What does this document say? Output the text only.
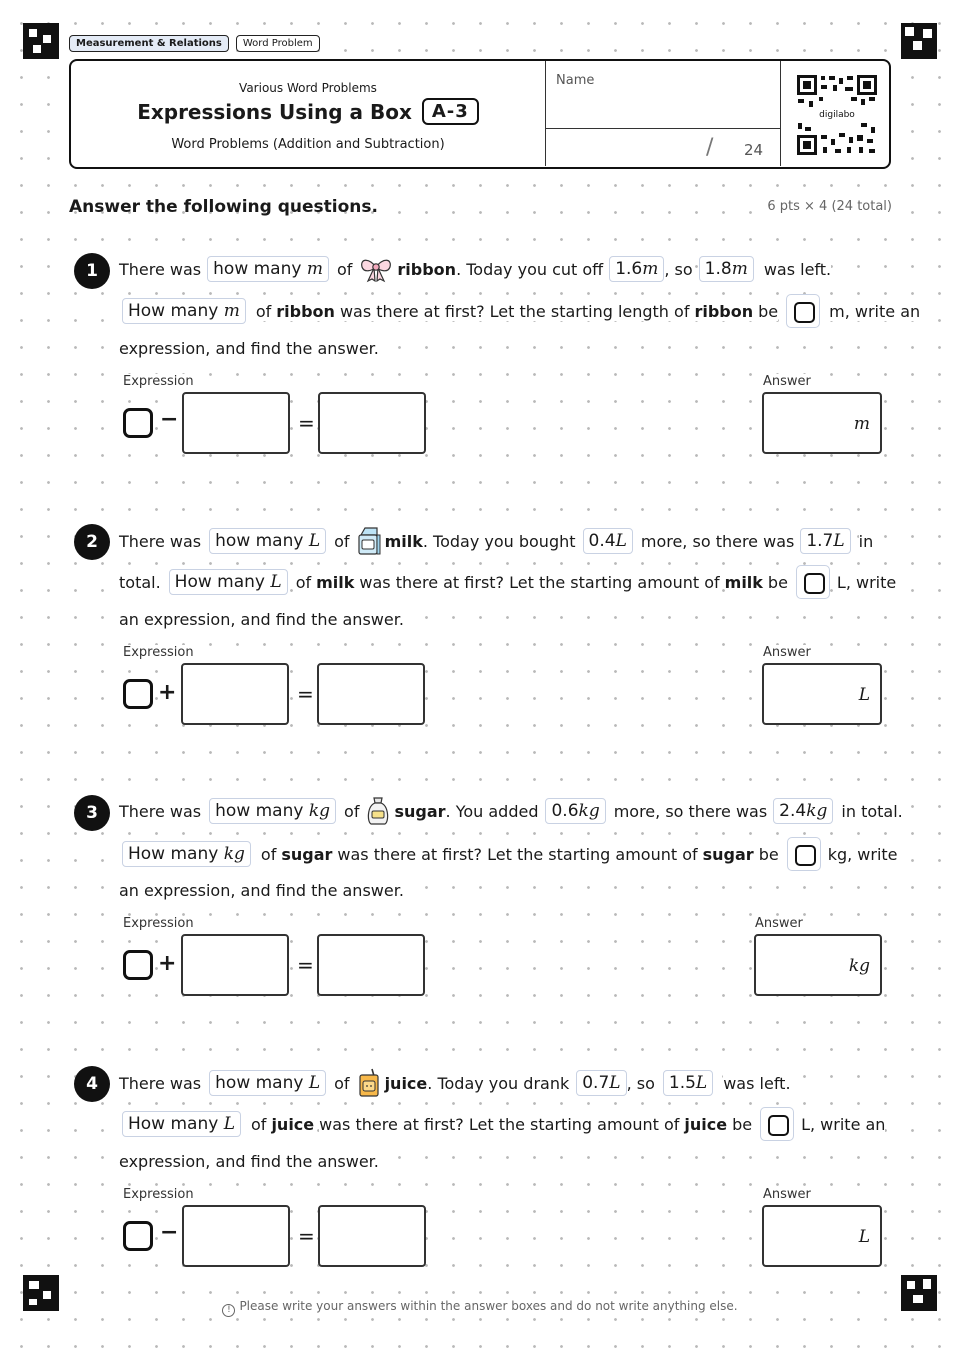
Measurement & Relations	Word Problem
Various Word Problems
Expressions Using a Box	A-3
Word Problems (Addition and Subtraction)
Name
/ 24
digilabo
Answer the following questions.	6 pts × 4 (24 total)
1	There was how many m of	ribbon . Today you cut off 1.6m , so 1.8m	was left.
How many m	of ribbon was there at first? Let the starting length of ribbon be	m, write an
expression, and find the answer.
Expression	Answer
−	=	m
2	There was how many L of milk . Today you bought 0.4L more, so there was 1.7L in
total. How many L of milk was there at first? Let the starting amount of milk be	L, write
an expression, and find the answer.
Expression	Answer
+	=	L
3	There was how many kg of sugar . You added 0.6kg more, so there was 2.4kg in total.
How many kg	of sugar was there at first? Let the starting amount of sugar be	kg, write
an expression, and find the answer.
Expression	Answer
+	=	kg
4	There was how many L of juice . Today you drank 0.7L , so 1.5L	was left.
How many L	of juice was there at first? Let the starting amount of juice be	L, write an
expression, and find the answer.
Expression	Answer
−	=	L
! Please write your answers within the answer boxes and do not write anything else.
